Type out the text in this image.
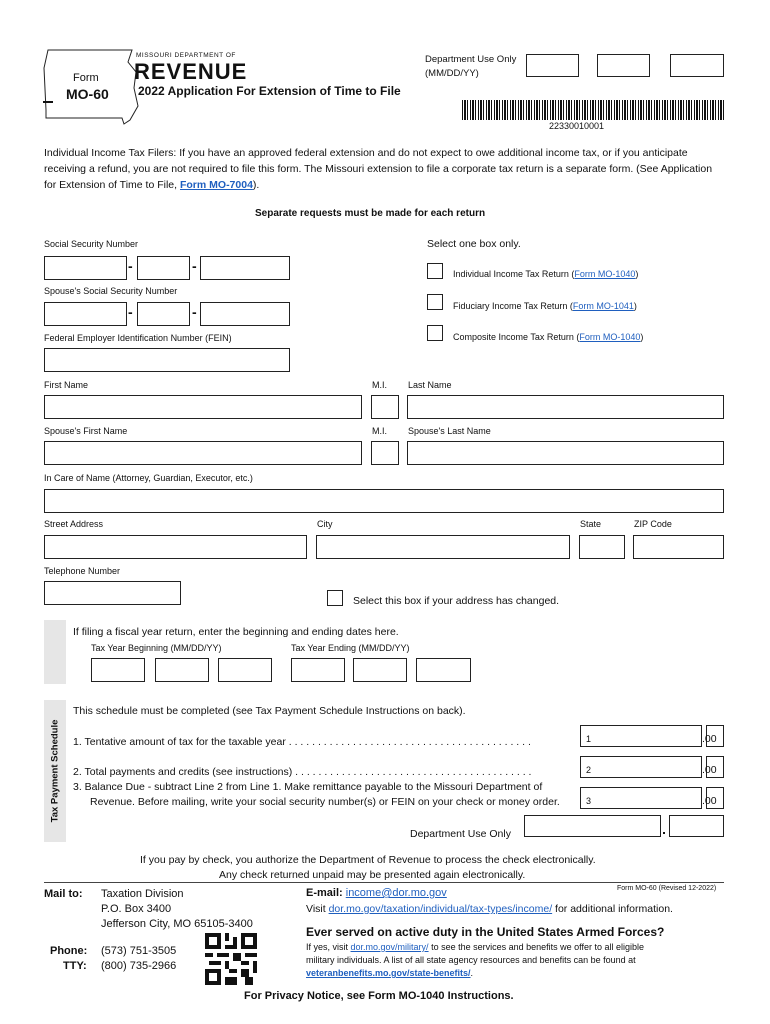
Form
MO-60
MISSOURI DEPARTMENT OF
REVENUE
2022 Application For Extension of Time to File
Department Use Only
(MM/DD/YY)
22330010001
Individual Income Tax Filers: If you have an approved federal extension and do not expect to owe additional income tax, or if you anticipate receiving a refund, you are not required to file this form. The Missouri extension to file a corporate tax return is a separate form. (See Application for Extension of Time to File, Form MO-7004).
Separate requests must be made for each return
Social Security Number
-	-
Spouse's Social Security Number
-	-
Federal Employer Identification Number (FEIN)
Select one box only.
Individual Income Tax Return (Form MO-1040)
Fiduciary Income Tax Return (Form MO-1041)
Composite Income Tax Return (Form MO-1040)
First Name	M.I. Last Name
Spouse's First Name	M.I. Spouse's Last Name
In Care of Name (Attorney, Guardian, Executor, etc.)
Street Address	City	State	ZIP Code
Telephone Number
Select this box if your address has changed.
If filing a fiscal year return, enter the beginning and ending dates here.
Tax Year Beginning (MM/DD/YY)	Tax Year Ending (MM/DD/YY)
Tax Payment Schedule
This schedule must be completed (see Tax Payment Schedule Instructions on back).
1. Tentative amount of tax for the taxable year . . . . . . . . . . . . . . . . . . . . . . . . . . . . . . . . . . . . . . . . . .	1	.00
2. Total payments and credits (see instructions) . . . . . . . . . . . . . . . . . . . . . . . . . . . . . . . . . . . . . . . . .	2	.00
3. Balance Due - subtract Line 2 from Line 1. Make remittance payable to the Missouri Department of
Revenue. Before mailing, write your social security number(s) or FEIN on your check or money order.	3	.00
Department Use Only
If you pay by check, you authorize the Department of Revenue to process the check electronically.
Any check returned unpaid may be presented again electronically.
Mail to: Taxation Division
P.O. Box 3400
Jefferson City, MO 65105-3400
Phone: (573) 751-3505
TTY: (800) 735-2966
E-mail: income@dor.mo.gov	Form MO-60 (Revised 12-2022)
Visit dor.mo.gov/taxation/individual/tax-types/income/ for additional information.
Ever served on active duty in the United States Armed Forces?
If yes, visit dor.mo.gov/military/ to see the services and benefits we offer to all eligible
military individuals. A list of all state agency resources and benefits can be found at
veteranbenefits.mo.gov/state-benefits/.
For Privacy Notice, see Form MO-1040 Instructions.
